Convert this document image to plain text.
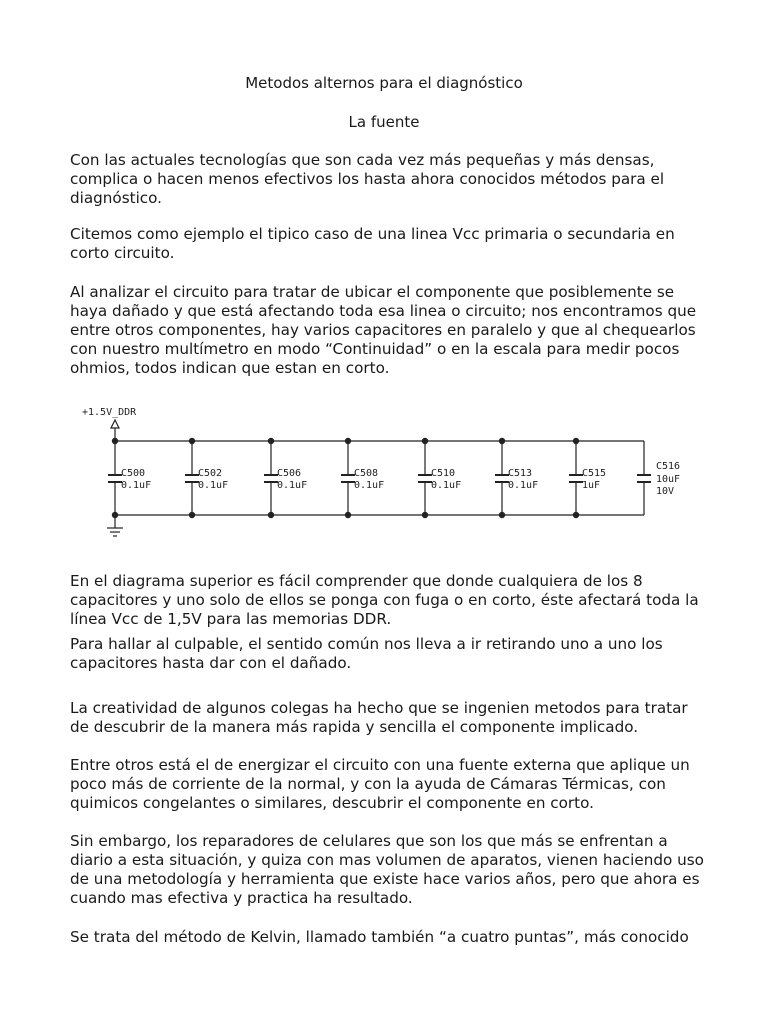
Metodos alternos para el diagnóstico
La fuente

Con las actuales tecnologías que son cada vez más pequeñas y más densas, complica o hacen menos efectivos los hasta ahora conocidos métodos para el diagnóstico.

Citemos como ejemplo el tipico caso de una linea Vcc primaria o secundaria en corto circuito.

Al analizar el circuito para tratar de ubicar el componente que posiblemente se haya dañado y que está afectando toda esa linea o circuito; nos encontramos que entre otros componentes, hay varios capacitores en paralelo y que al chequearlos con nuestro multímetro en modo “Continuidad” o en la escala para medir pocos ohmios, todos indican que estan en corto.

+1.5V_DDR
C500
0.1uF
C502
0.1uF
C506
0.1uF
C508
0.1uF
C510
0.1uF
C513
0.1uF
C515
1uF
C516
10uF
10V

En el diagrama superior es fácil comprender que donde cualquiera de los 8 capacitores y uno solo de ellos se ponga con fuga o en corto, éste afectará toda la línea Vcc de 1,5V para las memorias DDR.

Para hallar al culpable, el sentido común nos lleva a ir retirando uno a uno los capacitores hasta dar con el dañado.

La creatividad de algunos colegas ha hecho que se ingenien metodos para tratar de descubrir de la manera más rapida y sencilla el componente implicado.

Entre otros está el de energizar el circuito con una fuente externa que aplique un poco más de corriente de la normal, y con la ayuda de Cámaras Térmicas, con quimicos congelantes o similares, descubrir el componente en corto.

Sin embargo, los reparadores de celulares que son los que más se enfrentan a diario a esta situación, y quiza con mas volumen de aparatos, vienen haciendo uso de una metodología y herramienta que existe hace varios años, pero que ahora es cuando mas efectiva y practica ha resultado.

Se trata del método de Kelvin, llamado también “a cuatro puntas”, más conocido
